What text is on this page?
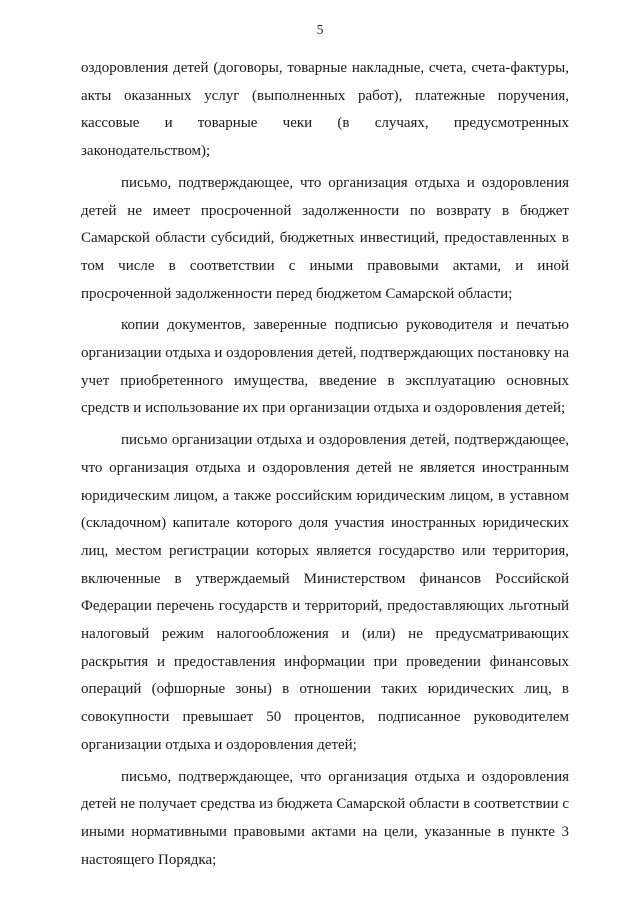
5

оздоровления детей (договоры, товарные накладные, счета, счета-фактуры, акты оказанных услуг (выполненных работ), платежные поручения, кассовые и товарные чеки (в случаях, предусмотренных законодательством);

письмо, подтверждающее, что организация отдыха и оздоровления детей не имеет просроченной задолженности по возврату в бюджет Самарской области субсидий, бюджетных инвестиций, предоставленных в том числе в соответствии с иными правовыми актами, и иной просроченной задолженности перед бюджетом Самарской области;

копии документов, заверенные подписью руководителя и печатью организации отдыха и оздоровления детей, подтверждающих постановку на учет приобретенного имущества, введение в эксплуатацию основных средств и использование их при организации отдыха и оздоровления детей;

письмо организации отдыха и оздоровления детей, подтверждающее, что организация отдыха и оздоровления детей не является иностранным юридическим лицом, а также российским юридическим лицом, в уставном (складочном) капитале которого доля участия иностранных юридических лиц, местом регистрации которых является государство или территория, включенные в утверждаемый Министерством финансов Российской Федерации перечень государств и территорий, предоставляющих льготный налоговый режим налогообложения и (или) не предусматривающих раскрытия и предоставления информации при проведении финансовых операций (офшорные зоны) в отношении таких юридических лиц, в совокупности превышает 50 процентов, подписанное руководителем организации отдыха и оздоровления детей;

письмо, подтверждающее, что организация отдыха и оздоровления детей не получает средства из бюджета Самарской области в соответствии с иными нормативными правовыми актами на цели, указанные в пункте 3 настоящего Порядка;
